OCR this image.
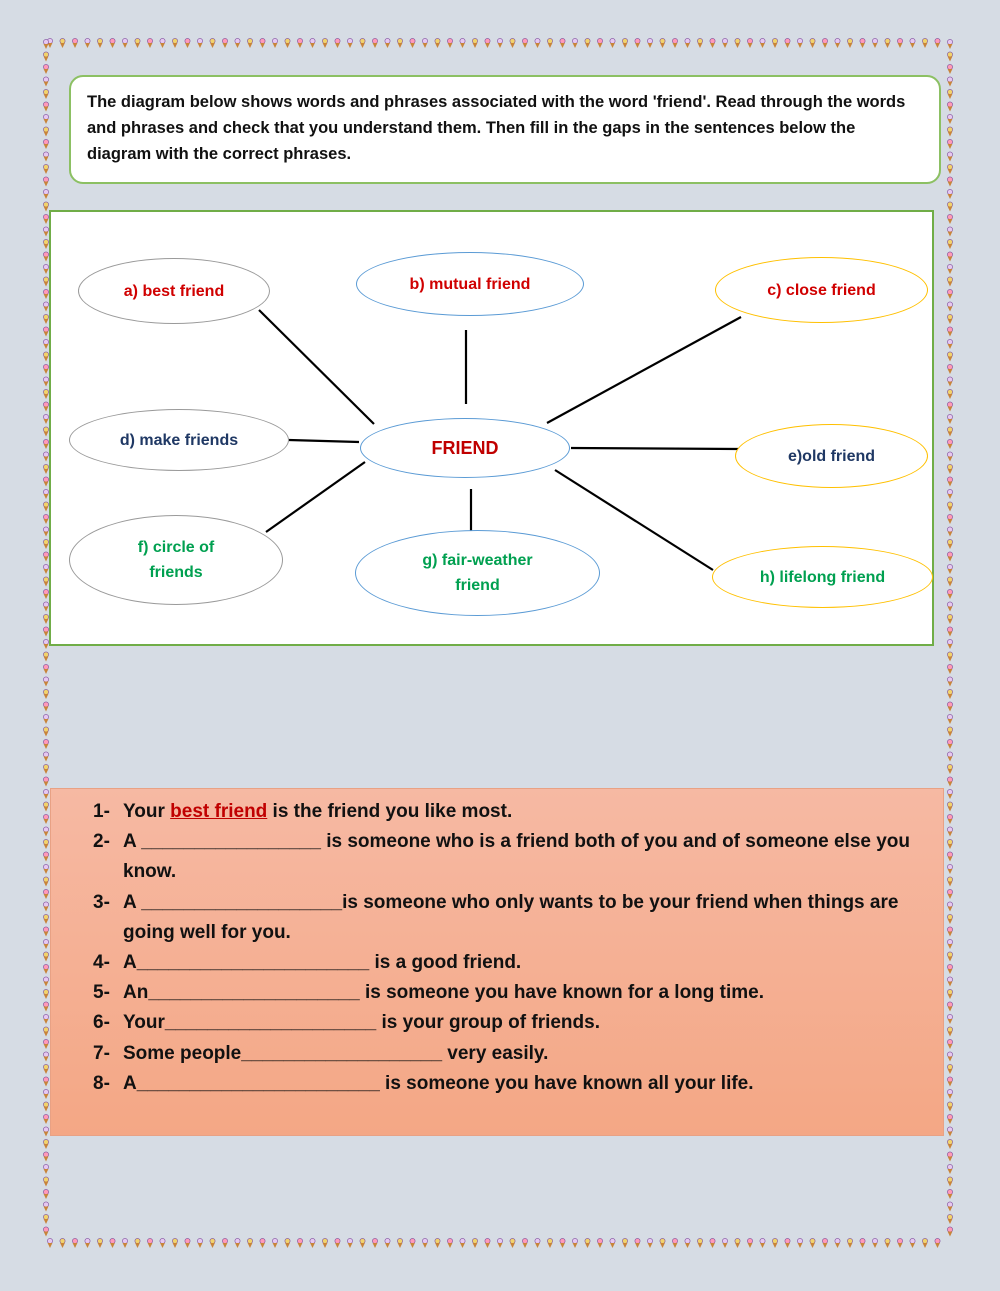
The diagram below shows words and phrases associated with the word 'friend'. Read through the words and phrases and check that you understand them. Then fill in the gaps in the sentences below the diagram with the correct phrases.
a) best friend	b) mutual friend	c) close friend
d) make friends	FRIEND	e)old friend
f) circle of
friends
g) fair-weather
friend	h) lifelong friend
1- Your best friend is the friend you like most.
2- A _________________ is someone who is a friend both of you and of someone else you know.
3- A ___________________is someone who only wants to be your friend when things are going well for you.
4- A______________________ is a good friend.
5- An____________________ is someone you have known for a long time.
6- Your____________________ is your group of friends.
7- Some people___________________ very easily.
8- A_______________________ is someone you have known all your life.
